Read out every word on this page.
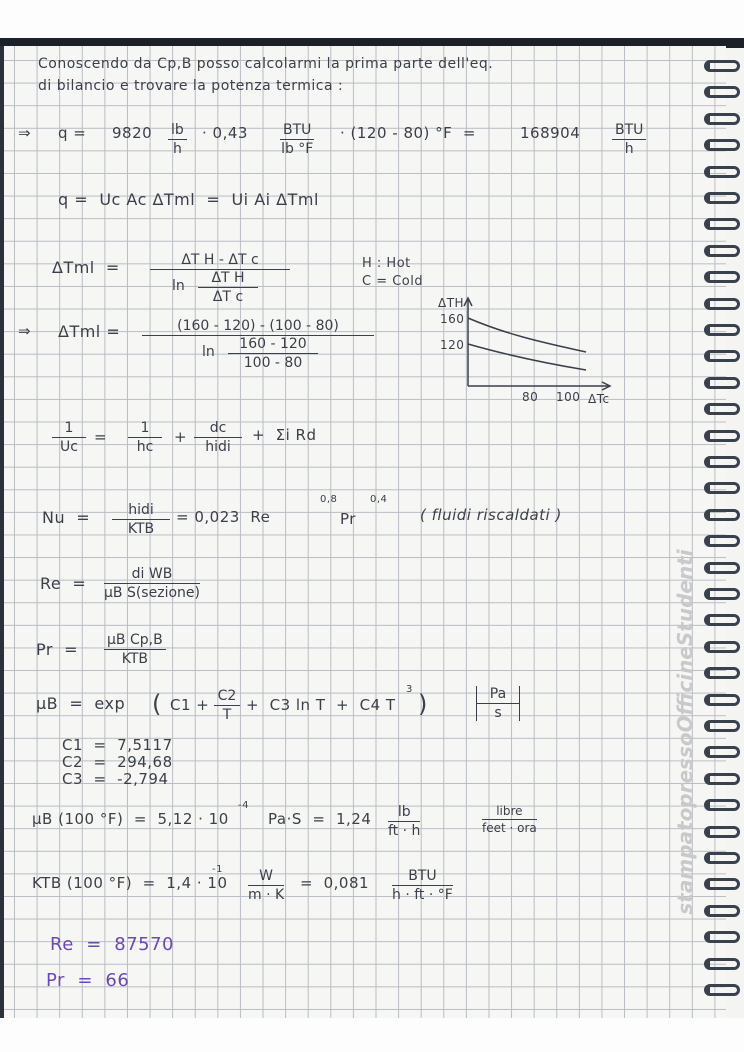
stampatopressoOfficineStudenti
Conoscendo da Cp,B posso calcolarmi la prima parte dell'eq.
di bilancio e trovare la potenza termica :
⇒ $q = 9820 \frac{lb}{h} \cdot 0,43$	BTU
lb °F
· (120 - 80) °F  =	168904 BTU
h
q =  Uc Ac ΔTml  =  Ui Ai ΔTml
ΔTml  =	ΔT H - ΔT c
$\ln \frac{\text{ΔT H}}{\text{ΔT c}}$
H : Hot
C = Cold
⇒ $\Delta Tml = \frac{(160 - 120) - (100 - 80)}{\ln \frac{160 - 120}{100 - 80}}$
ΔTH
160
120
80 100 ΔTc
$\frac{1}{Uc} = \frac{1}{hc}$ +	dc
hidi
+  Σi Rd
Nu  =	hidi
KTB
= 0,023  Re
0,8
Pr
0,4
( fluidi riscaldati )
Re  =	di WB
μB S(sezione)
Pr  = μB Cp,B
KTB
μB  =  exp ( $C1 + \frac{C2}{T} + C3$ ln T  +  C4 T
3
)	$\frac{Pa}{s}$
C1  =  7,5117
C2  =  294,68
C3  =  -2,794
μB (100 °F)  =  5,12 · 10
-4
$Pa\cdot S = 1,24 \frac{lb}{ft \cdot h}$	libre
feet · ora
KTB (100 °F)  =  1,4 · 10
$-1 \frac{W}{m \cdot K} = 0,081$	BTU
h · ft · °F
Re  =  87570
Pr  =  66
